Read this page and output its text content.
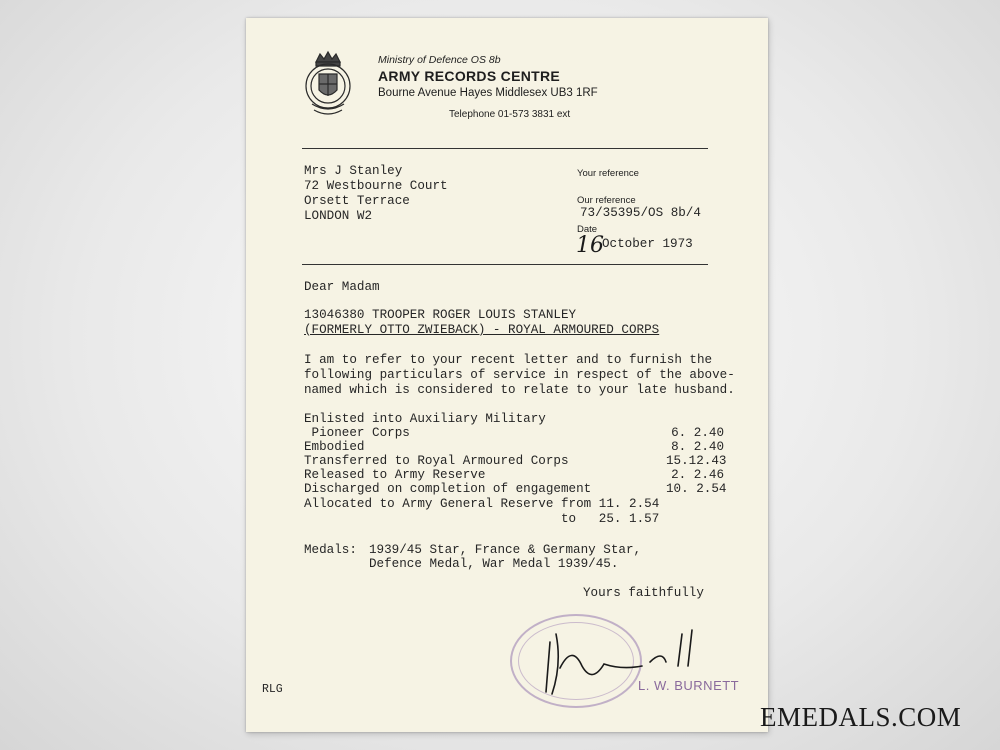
Ministry of Defence OS 8b
ARMY RECORDS CENTRE
Bourne Avenue Hayes Middlesex UB3 1RF
Telephone 01-573 3831 ext
Mrs J Stanley
72 Westbourne Court
Orsett Terrace
LONDON W2
Your reference
Our reference
73/35395/OS 8b/4
Date
16
October 1973
Dear Madam
13046380 TROOPER ROGER LOUIS STANLEY
(FORMERLY OTTO ZWIEBACK) - ROYAL ARMOURED CORPS
I am to refer to your recent letter and to furnish the
following particulars of service in respect of the above-
named which is considered to relate to your late husband.
Enlisted into Auxiliary Military
Pioneer Corps	6. 2.40
Embodied	8. 2.40
Transferred to Royal Armoured Corps	15.12.43
Released to Army Reserve	2. 2.46
Discharged on completion of engagement	10. 2.54
Allocated to Army General Reserve from 11. 2.54
to   25. 1.57
Medals: 1939/45 Star, France & Germany Star,
Defence Medal, War Medal 1939/45.
Yours faithfully
L. W. BURNETT
RLG
EMEDALS.COM
